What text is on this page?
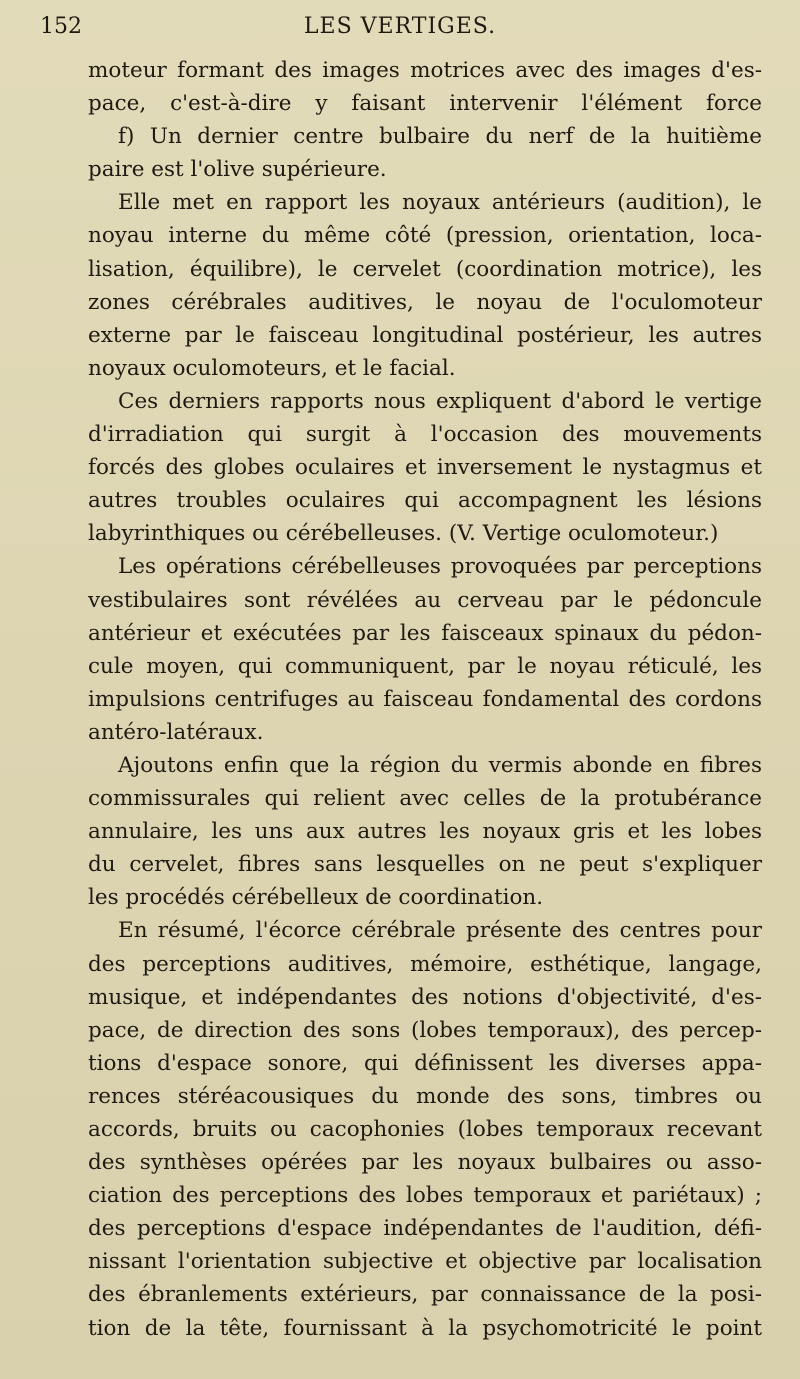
152	LES VERTIGES.
moteur formant des images motrices avec des images d'es-
pace, c'est-à-dire y faisant intervenir l'élément force
f) Un dernier centre bulbaire du nerf de la huitième
paire est l'olive supérieure.
Elle met en rapport les noyaux antérieurs (audition), le
noyau interne du même côté (pression, orientation, loca-
lisation, équilibre), le cervelet (coordination motrice), les
zones cérébrales auditives, le noyau de l'oculomoteur
externe par le faisceau longitudinal postérieur, les autres
noyaux oculomoteurs, et le facial.
Ces derniers rapports nous expliquent d'abord le vertige
d'irradiation qui surgit à l'occasion des mouvements
forcés des globes oculaires et inversement le nystagmus et
autres troubles oculaires qui accompagnent les lésions
labyrinthiques ou cérébelleuses. (V. Vertige oculomoteur.)
Les opérations cérébelleuses provoquées par perceptions
vestibulaires sont révélées au cerveau par le pédoncule
antérieur et exécutées par les faisceaux spinaux du pédon-
cule moyen, qui communiquent, par le noyau réticulé, les
impulsions centrifuges au faisceau fondamental des cordons
antéro-latéraux.
Ajoutons enfin que la région du vermis abonde en fibres
commissurales qui relient avec celles de la protubérance
annulaire, les uns aux autres les noyaux gris et les lobes
du cervelet, fibres sans lesquelles on ne peut s'expliquer
les procédés cérébelleux de coordination.
En résumé, l'écorce cérébrale présente des centres pour
des perceptions auditives, mémoire, esthétique, langage,
musique, et indépendantes des notions d'objectivité, d'es-
pace, de direction des sons (lobes temporaux), des percep-
tions d'espace sonore, qui définissent les diverses appa-
rences stéréacousiques du monde des sons, timbres ou
accords, bruits ou cacophonies (lobes temporaux recevant
des synthèses opérées par les noyaux bulbaires ou asso-
ciation des perceptions des lobes temporaux et pariétaux) ;
des perceptions d'espace indépendantes de l'audition, défi-
nissant l'orientation subjective et objective par localisation
des ébranlements extérieurs, par connaissance de la posi-
tion de la tête, fournissant à la psychomotricité le point
